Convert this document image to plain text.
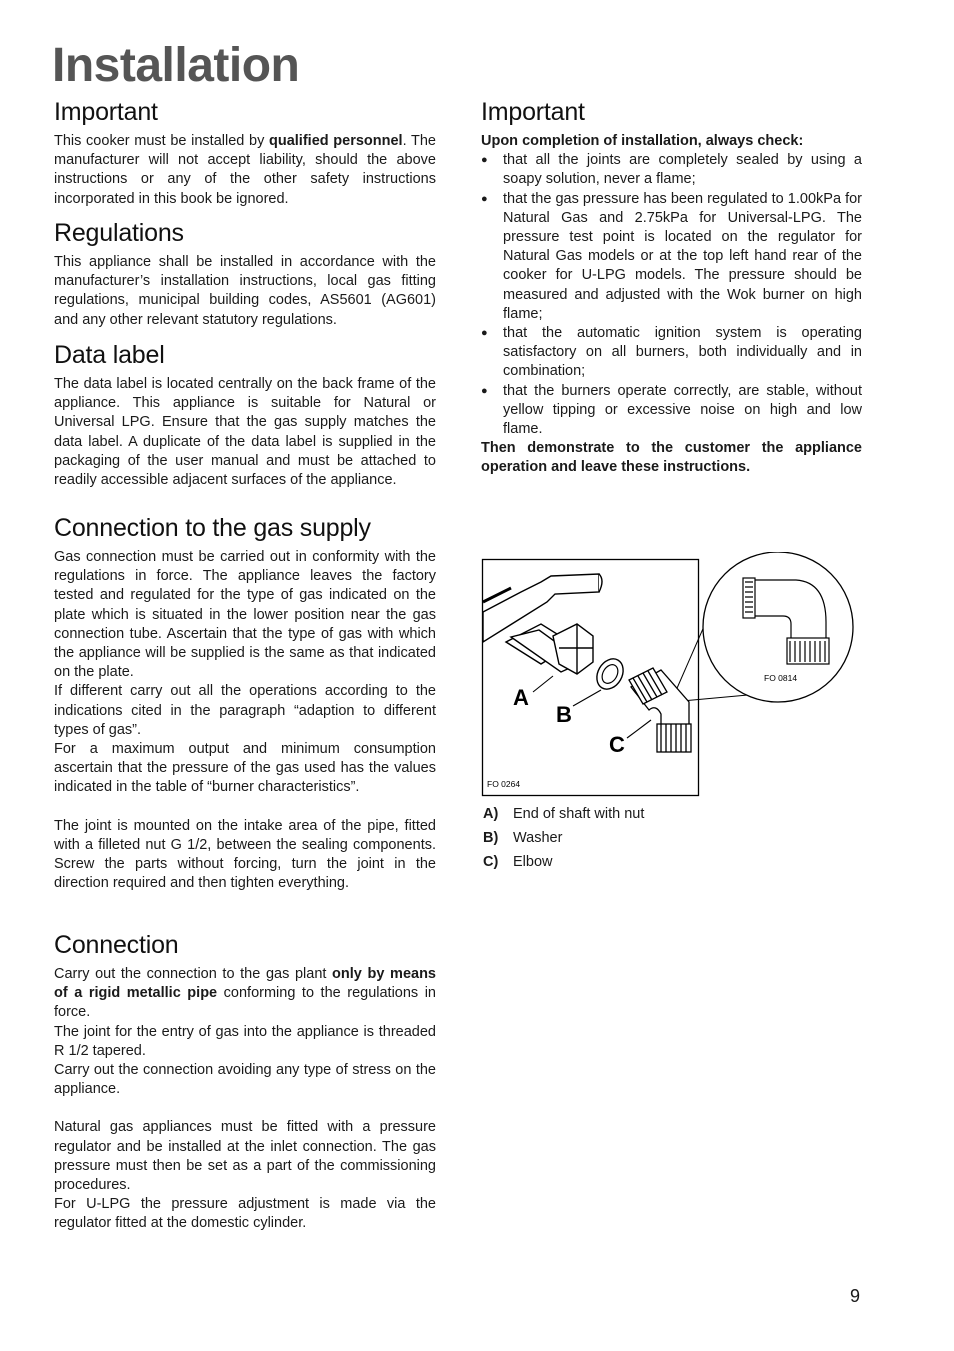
Installation
Important

This cooker must be installed by qualified personnel. The manufacturer will not accept liability, should the above instructions or any of the other safety instructions incorporated in this book be ignored.

Regulations

This appliance shall be installed in accordance with the manufacturer’s installation instructions, local gas fitting regulations, municipal building codes, AS5601 (AG601) and any other relevant statutory regulations.

Data label

The data label is located centrally on the back frame of the appliance. This appliance is suitable for Natural or Universal LPG. Ensure that the gas supply matches the data label. A duplicate of the data label is supplied in the packaging of the user manual and must be attached to readily accessible adjacent surfaces of the appliance.

Connection to the gas supply

Gas connection must be carried out in conformity with the regulations in force. The appliance leaves the factory tested and regulated for the type of gas indicated on the plate which is situated in the lower position near the gas connection tube. Ascertain that the type of gas with which the appliance will be supplied is the same as that indicated on the plate.

If different carry out all the operations according to the indications cited in the paragraph “adaption to different types of gas”.

For a maximum output and minimum consumption ascertain that the pressure of the gas used has the values indicated in the table of “burner characteristics”.

The joint is mounted on the intake area of the pipe, fitted with a filleted nut G 1/2, between the sealing components. Screw the parts without forcing, turn the joint in the direction required and then tighten everything.

Connection

Carry out the connection to the gas plant only by means of a rigid metallic pipe conforming to the regulations in force.

The joint for the entry of gas into the appliance is threaded R 1/2 tapered.

Carry out the connection avoiding any type of stress on the appliance.

Natural gas appliances must be fitted with a pressure regulator and be installed at the inlet connection. The gas pressure must then be set as a part of the commissioning procedures.

For U-LPG the pressure adjustment is made via the regulator fitted at the domestic cylinder.

Important

Upon completion of installation, always check:

● that all the joints are completely sealed by using a soapy solution, never a flame;
● that the gas pressure has been regulated to 1.00kPa for Natural Gas and 2.75kPa for Universal-LPG. The pressure test point is located on the regulator for Natural Gas models or at the top left hand rear of the cooker for U-LPG models. The pressure should be measured and adjusted with the Wok burner on high flame;
● that the automatic ignition system is operating satisfactory on all burners, both individually and in combination;
● that the burners operate correctly, are stable, without yellow tipping or excessive noise on high and low flame.

Then demonstrate to the customer the appliance operation and leave these instructions.

FO 0814
A
B
C
FO 0264
A)	End of shaft with nut
B)	Washer
C)	Elbow
9
